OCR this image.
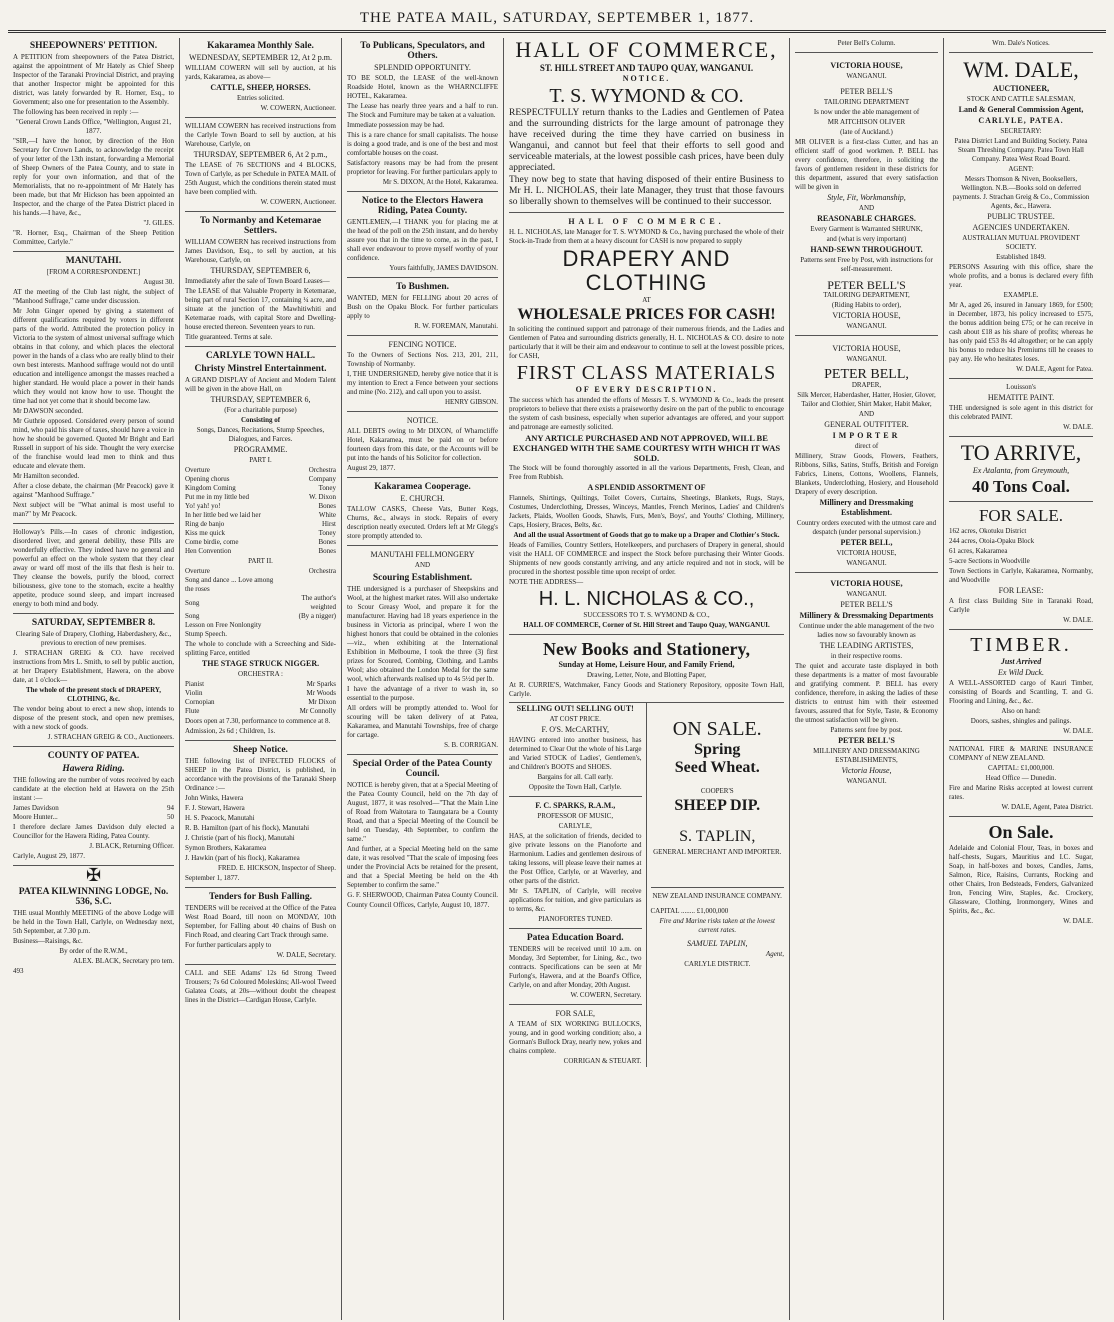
THE PATEA MAIL, SATURDAY, SEPTEMBER 1, 1877.
SHEEPOWNERS' PETITION.

A PETITION from sheepowners of the Patea District, against the appointment of Mr Hately as Chief Sheep Inspector of the Taranaki Provincial District, and praying that another Inspector might be appointed for this district, was lately forwarded by R. Horner, Esq., to Government; also one for presentation to the Assembly.

The following has been received in reply :—

"General Crown Lands Office, "Wellington, August 21, 1877.

"SIR,—I have the honor, by direction of the Hon Secretary for Crown Lands, to acknowledge the receipt of your letter of the 13th instant, forwarding a Memorial of Sheep Owners of the Patea County, and to state in reply for your own information, and that of the Memorialists, that no re-appointment of Mr Hately has been made, but that Mr Hickson has been appointed an Inspector, and the charge of the Patea District placed in his hands.—I have, &c.,

"J. GILES.

"R. Horner, Esq., Chairman of the Sheep Petition Committee, Carlyle."

MANUTAHI.

[FROM A CORRESPONDENT.]

August 30.

AT the meeting of the Club last night, the subject of "Manhood Suffrage," came under discussion.

Mr John Ginger opened by giving a statement of different qualifications required by voters in different parts of the world. Attributed the protection policy in Victoria to the system of almost universal suffrage which obtains in that colony, and which places the electoral power in the hands of a class who are really blind to their own best interests. Manhood suffrage would not do until education and intelligence amongst the masses reached a higher standard. He would place a power in their hands which they would not know how to use. Thought the time had not yet come that it should become law.

Mr DAWSON seconded.

Mr Guthrie opposed. Considered every person of sound mind, who paid his share of taxes, should have a voice in how he should be governed. Quoted Mr Bright and Earl Russell in support of his side. Thought the very exercise of the franchise would lead men to think and thus educate and elevate them.

Mr Hamilton seconded.

After a close debate, the chairman (Mr Peacock) gave it against "Manhood Suffrage."

Next subject will be "What animal is most useful to man?" by Mr Peacock.

Holloway's Pills.—In cases of chronic indigestion, disordered liver, and general debility, these Pills are wonderfully effective. They indeed have no general and powerful an effect on the whole system that they clear away or ward off most of the ills that flesh is heir to. They cleanse the bowels, purify the blood, correct biliousness, give tone to the stomach, excite a healthy appetite, produce sound sleep, and impart increased energy to both mind and body.

SATURDAY, SEPTEMBER 8.

Clearing Sale of Drapery, Clothing, Haberdashery, &c., previous to erection of new premises.

J. STRACHAN GREIG & CO. have received instructions from Mrs L. Smith, to sell by public auction, at her Drapery Establishment, Hawera, on the above date, at 1 o'clock—

The whole of the present stock of DRAPERY, CLOTHING, &c.

The vendor being about to erect a new shop, intends to dispose of the present stock, and open new premises, with a new stock of goods.

J. STRACHAN GREIG & CO., Auctioneers.

COUNTY OF PATEA.
Hawera Riding.

THE following are the number of votes received by each candidate at the election held at Hawera on the 25th instant :—

James Davidson	94
Moore Hunter...	50

I therefore declare James Davidson duly elected a Councillor for the Hawera Riding, Patea County.

J. BLACK, Returning Officer.

Carlyle, August 29, 1877.

✠
PATEA KILWINNING LODGE, No. 536, S.C.

THE usual Monthly MEETING of the above Lodge will be held in the Town Hall, Carlyle, on Wednesday next, 5th September, at 7.30 p.m.

Business—Raisings, &c.

By order of the R.W.M.,

ALEX. BLACK, Secretary pro tem.

493

Kakaramea Monthly Sale.

WEDNESDAY, SEPTEMBER 12, At 2 p.m.

WILLIAM COWERN will sell by auction, at his yards, Kakaramea, as above—

CATTLE, SHEEP, HORSES.

Entries solicited.

W. COWERN, Auctioneer.

WILLIAM COWERN has received instructions from the Carlyle Town Board to sell by auction, at his Warehouse, Carlyle, on

THURSDAY, SEPTEMBER 6, At 2 p.m.,

The LEASE of 76 SECTIONS and 4 BLOCKS, Town of Carlyle, as per Schedule in PATEA MAIL of 25th August, which the conditions therein stated must have been complied with.

W. COWERN, Auctioneer.

To Normanby and Ketemarae Settlers.

WILLIAM COWERN has received instructions from James Davidson, Esq., to sell by auction, at his Warehouse, Carlyle, on

THURSDAY, SEPTEMBER 6,

Immediately after the sale of Town Board Leases—

The LEASE of that Valuable Property in Ketemarae, being part of rural Section 17, containing ¼ acre, and situate at the junction of the Mawhitiwhiti and Ketemarae roads, with capital Store and Dwelling-house erected thereon. Seventeen years to run.

Title guaranteed. Terms at sale.

CARLYLE TOWN HALL.
Christy Minstrel Entertainment.

A GRAND DISPLAY of Ancient and Modern Talent will be given in the above Hall, on

THURSDAY, SEPTEMBER 6,

(For a charitable purpose)

Consisting of

Songs, Dances, Recitations, Stump Speeches, Dialogues, and Farces.

PROGRAMME.

PART I.

Overture	Orchestra
Opening chorus	Company
Kingdom Coming	Toney
Put me in my little bed	W. Dixon
Yo! yah! yo!	Bones
In her little bed we laid her	White
Ring de banjo	Hirst
Kiss me quick	Toney
Come birdie, come	Bones
Hen Convention	Bones

PART II.

Overture	Orchestra
Song and dance ... Love among the roses	
Song	The author's weighted
Song	(By a nigger)
Lesson on Free Nonlongity	
Stump Speech.	

The whole to conclude with a Screeching and Side-splitting Farce, entitled

THE STAGE STRUCK NIGGER.

ORCHESTRA :

Pianist	Mr Sparks
Violin	Mr Woods
Cornopian	Mr Dixon
Flute	Mr Connolly

Doors open at 7.30, performance to commence at 8.

Admission, 2s 6d ; Children, 1s.

Sheep Notice.

THE following list of INFECTED FLOCKS of SHEEP in the Patea District, is published, in accordance with the provisions of the Taranaki Sheep Ordinance :—

John Winks, Hawera

F. J. Stewart, Hawera

H. S. Peacock, Manutahi

R. B. Hamilton (part of his flock), Manutahi

J. Christie (part of his flock), Manutahi

Symon Brothers, Kakaramea

J. Hawkin (part of his flock), Kakaramea

FRED. E. HICKSON, Inspector of Sheep.

September 1, 1877.

Tenders for Bush Falling.

TENDERS will be received at the Office of the Patea West Road Board, till noon on MONDAY, 10th September, for Falling about 40 chains of Bush on Finch Road, and clearing Cart Track through same.

For further particulars apply to

W. DALE, Secretary.

CALL and SEE Adams' 12s 6d Strong Tweed Trousers; 7s 6d Coloured Moleskins; All-wool Tweed Galatea Coats, at 20s—without doubt the cheapest lines in the District—Cardigan House, Carlyle.

To Publicans, Speculators, and Others.

SPLENDID OPPORTUNITY.

TO BE SOLD, the LEASE of the well-known Roadside Hotel, known as the WHARNCLIFFE HOTEL, Kakaramea.

The Lease has nearly three years and a half to run. The Stock and Furniture may be taken at a valuation.

Immediate possession may be had.

This is a rare chance for small capitalists. The house is doing a good trade, and is one of the best and most comfortable houses on the coast.

Satisfactory reasons may be had from the present proprietor for leaving. For further particulars apply to

Mr S. DIXON, At the Hotel, Kakaramea.

Notice to the Electors Hawera Riding, Patea County.

GENTLEMEN,—I THANK you for placing me at the head of the poll on the 25th instant, and do hereby assure you that in the time to come, as in the past, I shall ever endeavour to prove myself worthy of your confidence.

Yours faithfully, JAMES DAVIDSON.

To Bushmen.

WANTED, MEN for FELLING about 20 acres of Bush on the Opaku Block. For further particulars apply to

R. W. FOREMAN, Manutahi.

FENCING NOTICE.

To the Owners of Sections Nos. 213, 201, 211, Township of Normanby.

I, THE UNDERSIGNED, hereby give notice that it is my intention to Erect a Fence between your sections and mine (No. 212), and call upon you to assist.

HENRY GIBSON.

NOTICE.

ALL DEBTS owing to Mr DIXON, of Wharncliffe Hotel, Kakaramea, must be paid on or before fourteen days from this date, or the Accounts will be put into the hands of his Solicitor for collection.

August 29, 1877.

Kakaramea Cooperage.

E. CHURCH.

TALLOW CASKS, Cheese Vats, Butter Kegs, Churns, &c., always in stock. Repairs of every description neatly executed. Orders left at Mr Glegg's store promptly attended to.

MANUTAHI FELLMONGERY

AND

Scouring Establishment.

THE undersigned is a purchaser of Sheepskins and Wool, at the highest market rates. Will also undertake to Scour Greasy Wool, and prepare it for the manufacturer. Having had 18 years experience in the business in Victoria as principal, where I won the highest honors that could be obtained in the colonies —viz., when exhibiting at the International Exhibition in Melbourne, I took the three (3) first prizes for Scoured, Combing, Clothing, and Lambs Wool; also obtained the London Medal for the same wool, which afterwards realised up to 4s 5½d per lb.

I have the advantage of a river to wash in, so essential to the purpose.

All orders will be promptly attended to. Wool for scouring will be taken delivery of at Patea, Kakaramea, and Manutahi Townships, free of charge for cartage.

S. B. CORRIGAN.

Special Order of the Patea County Council.

NOTICE is hereby given, that at a Special Meeting of the Patea County Council, held on the 7th day of August, 1877, it was resolved—"That the Main Line of Road from Waitotara to Taungatara be a County Road, and that a Special Meeting of the Council be held on Tuesday, 4th September, to confirm the same."

And further, at a Special Meeting held on the same date, it was resolved "That the scale of imposing fees under the Provincial Acts be retained for the present, and that a Special Meeting be held on the 4th September to confirm the same."

G. F. SHERWOOD, Chairman Patea County Council.

County Council Offices, Carlyle, August 10, 1877.

HALL OF COMMERCE,

ST. HILL STREET AND TAUPO QUAY, WANGANUI.

NOTICE.

T. S. WYMOND & CO.

RESPECTFULLY return thanks to the Ladies and Gentlemen of Patea and the surrounding districts for the large amount of patronage they have received during the time they have carried on business in Wanganui, and cannot but feel that their efforts to sell good and serviceable materials, at the lowest possible cash prices, have been duly appreciated.

They now beg to state that having disposed of their entire Business to Mr H. L. NICHOLAS, their late Manager, they trust that those favours so liberally shown to themselves will be continued to their successor.

HALL OF COMMERCE.

H. L. NICHOLAS, late Manager for T. S. WYMOND & Co., having purchased the whole of their Stock-in-Trade from them at a heavy discount for CASH is now prepared to supply

DRAPERY AND CLOTHING

AT

WHOLESALE PRICES FOR CASH!

In soliciting the continued support and patronage of their numerous friends, and the Ladies and Gentlemen of Patea and surrounding districts generally, H. L. NICHOLAS & CO. desire to note particularly that it will be their aim and endeavour to continue to sell at the lowest possible prices, for CASH,

FIRST CLASS MATERIALS

OF EVERY DESCRIPTION.

The success which has attended the efforts of Messrs T. S. WYMOND & Co., leads the present proprietors to believe that there exists a praiseworthy desire on the part of the public to encourage the system of cash business, especially when superior advantages are offered, and your support and patronage are earnestly solicited.

ANY ARTICLE PURCHASED AND NOT APPROVED, WILL BE EXCHANGED WITH THE SAME COURTESY WITH WHICH IT WAS SOLD.

The Stock will be found thoroughly assorted in all the various Departments, Fresh, Clean, and Free from Rubbish.

A SPLENDID ASSORTMENT OF

Flannels, Shirtings, Quiltings, Toilet Covers, Curtains, Sheetings, Blankets, Rugs, Stays, Costumes, Underclothing, Dresses, Winceys, Mantles, French Merinos, Ladies' and Children's Jackets, Plaids, Woollen Goods, Shawls, Furs, Men's, Boys', and Youths' Clothing, Millinery, Caps, Hosiery, Braces, Belts, &c.

And all the usual Assortment of Goods that go to make up a Draper and Clothier's Stock.

Heads of Families, Country Settlers, Hotelkeepers, and purchasers of Drapery in general, should visit the HALL OF COMMERCE and inspect the Stock before purchasing their Winter Goods. Shipments of new goods constantly arriving, and any article required and not in stock, will be procured in the shortest possible time upon receipt of order.

NOTE THE ADDRESS—

H. L. NICHOLAS & CO.,

SUCCESSORS TO T. S. WYMOND & CO.,

HALL OF COMMERCE, Corner of St. Hill Street and Taupo Quay, WANGANUI.

New Books and Stationery,

Sunday at Home, Leisure Hour, and Family Friend,

Drawing, Letter, Note, and Blotting Paper,

At R. CURRIE'S, Watchmaker, Fancy Goods and Stationery Repository, opposite Town Hall, Carlyle.

SELLING OUT! SELLING OUT!

AT COST PRICE.

F. O'S. McCARTHY,

HAVING entered into another business, has determined to Clear Out the whole of his Large and Varied STOCK of Ladies', Gentlemen's, and Children's BOOTS and SHOES.

Bargains for all. Call early.

Opposite the Town Hall, Carlyle.

F. C. SPARKS, R.A.M.,

PROFESSOR OF MUSIC,

CARLYLE,

HAS, at the solicitation of friends, decided to give private lessons on the Pianoforte and Harmonium. Ladies and gentlemen desirous of taking lessons, will please leave their names at the Post Office, Carlyle, or at Waverley, and other parts of the district.

Mr S. TAPLIN, of Carlyle, will receive applications for tuition, and give particulars as to terms, &c.

PIANOFORTES TUNED.

Patea Education Board.

TENDERS will be received until 10 a.m. on Monday, 3rd September, for Lining, &c., two contracts. Specifications can be seen at Mr Furlong's, Hawera, and at the Board's Office, Carlyle, on and after Monday, 20th August.

W. COWERN, Secretary.

FOR SALE,

A TEAM of SIX WORKING BULLOCKS, young, and in good working condition; also, a Gorman's Bullock Dray, nearly new, yokes and chains complete.

CORRIGAN & STEUART.

ON SALE.
Spring
Seed Wheat.

COOPER'S

SHEEP DIP.
S. TAPLIN,

GENERAL MERCHANT AND IMPORTER.

NEW ZEALAND INSURANCE COMPANY.

CAPITAL ........ £1,000,000

Fire and Marine risks taken at the lowest current rates.

SAMUEL TAPLIN,

Agent,

CARLYLE DISTRICT.

Peter Bell's Column.

VICTORIA HOUSE,

WANGANUI.

PETER BELL'S

TAILORING DEPARTMENT

Is now under the able management of

MR AITCHISON OLIVER

(late of Auckland.)

MR OLIVER is a first-class Cutter, and has an efficient staff of good workmen. P. BELL has every confidence, therefore, in soliciting the favors of gentlemen resident in these districts for this department, assured that every satisfaction will be given in

Style, Fit, Workmanship,

AND

REASONABLE CHARGES.

Every Garment is Warranted SHRUNK,

and (what is very important)

HAND-SEWN THROUGHOUT.

Patterns sent Free by Post, with instructions for self-measurement.

PETER BELL'S

TAILORING DEPARTMENT,

(Riding Habits to order),

VICTORIA HOUSE,

WANGANUI.

VICTORIA HOUSE,

WANGANUI.

PETER BELL,

DRAPER,

Silk Mercer, Haberdasher, Hatter, Hosier, Glover, Tailor and Clothier, Shirt Maker, Habit Maker,

AND

GENERAL OUTFITTER.

IMPORTER

direct of

Millinery, Straw Goods, Flowers, Feathers, Ribbons, Silks, Satins, Stuffs, British and Foreign Fabrics, Linens, Cottons, Woollens, Flannels, Blankets, Underclothing, Hosiery, and Household Drapery of every description.

Millinery and Dressmaking Establishment.

Country orders executed with the utmost care and despatch (under personal supervision.)

PETER BELL,

VICTORIA HOUSE,

WANGANUI.

VICTORIA HOUSE,

WANGANUI.

PETER BELL'S

Millinery & Dressmaking Departments

Continue under the able management of the two ladies now so favourably known as

THE LEADING ARTISTES,

in their respective rooms.

The quiet and accurate taste displayed in both these departments is a matter of most favourable and gratifying comment. P. BELL has every confidence, therefore, in asking the ladies of these districts to entrust him with their esteemed favours, assured that for Style, Taste, & Economy the utmost satisfaction will be given.

Patterns sent free by post.

PETER BELL'S

MILLINERY AND DRESSMAKING ESTABLISHMENTS,

Victoria House,

WANGANUI.

Wm. Dale's Notices.

WM. DALE,

AUCTIONEER,

STOCK AND CATTLE SALESMAN,

Land & General Commission Agent,

CARLYLE, PATEA.

SECRETARY:

Patea District Land and Building Society. Patea Steam Threshing Company. Patea Town Hall Company. Patea West Road Board.

AGENT:

Messrs Thomson & Niven, Booksellers, Wellington. N.B.—Books sold on deferred payments. J. Strachan Greig & Co., Commission Agents, &c., Hawera.

PUBLIC TRUSTEE.

AGENCIES UNDERTAKEN.

AUSTRALIAN MUTUAL PROVIDENT SOCIETY.

Established 1849.

PERSONS Assuring with this office, share the whole profits, and a bonus is declared every fifth year.

EXAMPLE.

Mr A, aged 26, insured in January 1869, for £500; in December, 1873, his policy increased to £575, the bonus addition being £75; or he can receive in cash about £18 as his share of profits; whereas he has only paid £53 8s 4d altogether; or he can apply his bonus to reduce his Premiums till he ceases to pay any. He who hesitates loses.

W. DALE, Agent for Patea.

Louisson's

HEMATITE PAINT.

THE undersigned is sole agent in this district for this celebrated PAINT.

W. DALE.

TO ARRIVE,

Ex Atalanta, from Greymouth,

40 Tons Coal.
FOR SALE.

162 acres, Okotuku District

244 acres, Otoia-Opaku Block

61 acres, Kakaramea

5-acre Sections in Woodville

Town Sections in Carlyle, Kakaramea, Normanby, and Woodville

FOR LEASE:

A first class Building Site in Taranaki Road, Carlyle

W. DALE.

TIMBER.

Just Arrived

Ex Wild Duck.

A WELL-ASSORTED cargo of Kauri Timber, consisting of Boards and Scantling, T. and G. Flooring and Lining, &c., &c.

Also on hand:

Doors, sashes, shingles and palings.

W. DALE.

NATIONAL FIRE & MARINE INSURANCE COMPANY of NEW ZEALAND.

CAPITAL: £1,000,000.

Head Office — Dunedin.

Fire and Marine Risks accepted at lowest current rates.

W. DALE, Agent, Patea District.

On Sale.

Adelaide and Colonial Flour, Teas, in boxes and half-chests, Sugars, Mauritius and I.C. Sugar, Soap, in half-boxes and boxes, Candles, Jams, Salmon, Rice, Raisins, Currants, Rocking and other Chairs, Iron Bedsteads, Fenders, Galvanized Iron, Fencing Wire, Staples, &c. Crockery, Glassware, Clothing, Ironmongery, Wines and Spirits, &c., &c.

W. DALE.
